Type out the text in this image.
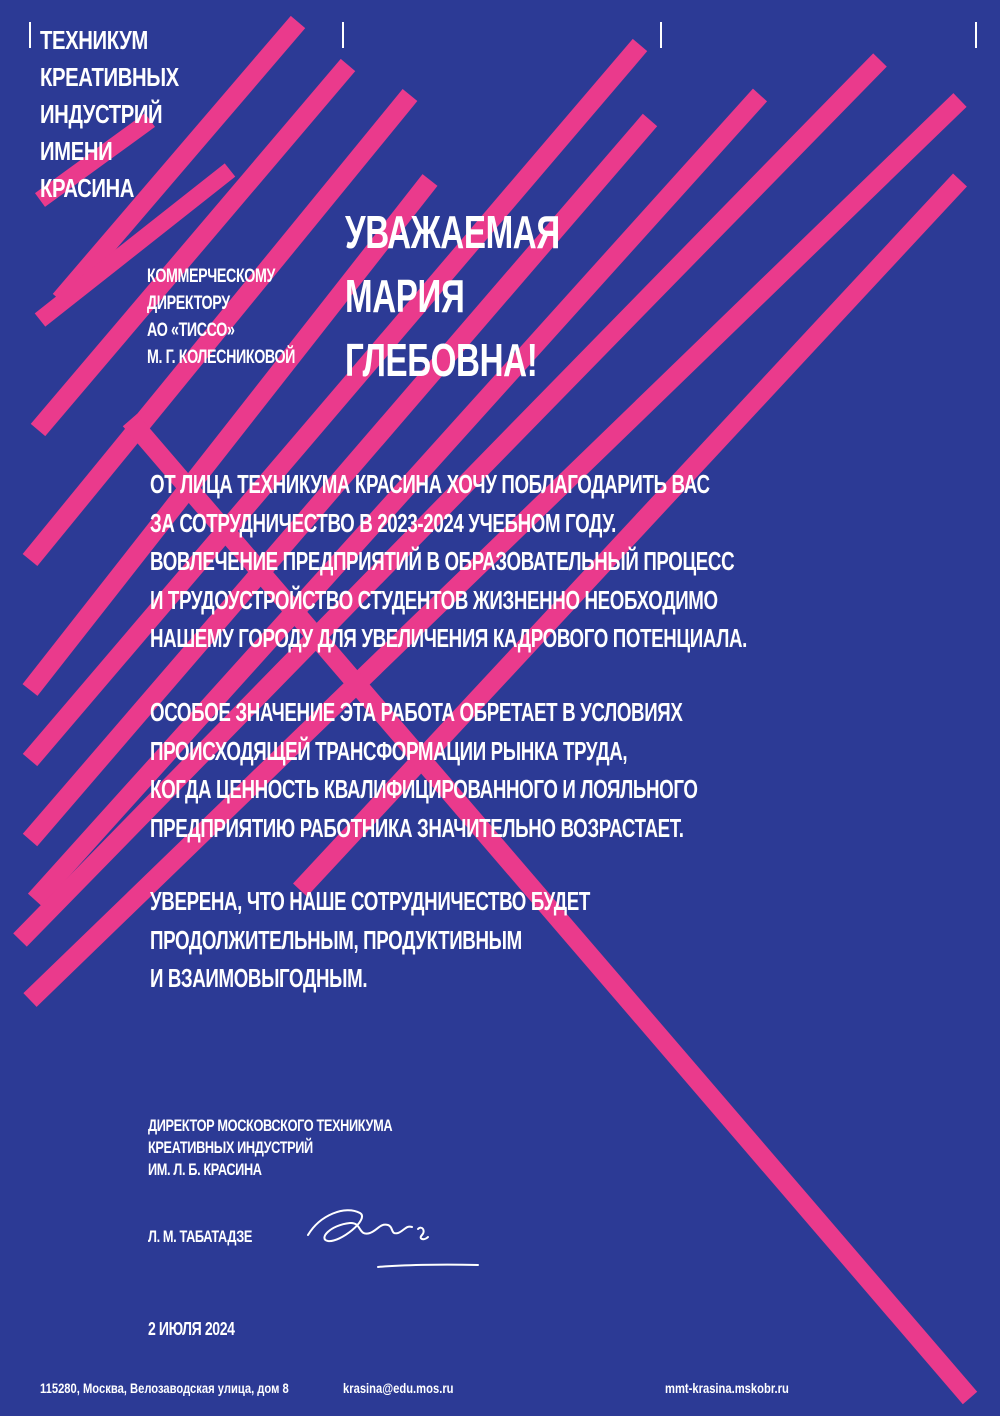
ТЕХНИКУМ
КРЕАТИВНЫХ
ИНДУСТРИЙ
ИМЕНИ
КРАСИНА

КОММЕРЧЕСКОМУ
ДИРЕКТОРУ
АО «ТИССО»
М. Г. КОЛЕСНИКОВОЙ

УВАЖАЕМАЯ
МАРИЯ
ГЛЕБОВНА!

ОТ ЛИЦА ТЕХНИКУМА КРАСИНА ХОЧУ ПОБЛАГОДАРИТЬ ВАС
ЗА СОТРУДНИЧЕСТВО В 2023-2024 УЧЕБНОМ ГОДУ.
ВОВЛЕЧЕНИЕ ПРЕДПРИЯТИЙ В ОБРАЗОВАТЕЛЬНЫЙ ПРОЦЕСС
И ТРУДОУСТРОЙСТВО СТУДЕНТОВ ЖИЗНЕННО НЕОБХОДИМО
НАШЕМУ ГОРОДУ ДЛЯ УВЕЛИЧЕНИЯ КАДРОВОГО ПОТЕНЦИАЛА.

ОСОБОЕ ЗНАЧЕНИЕ ЭТА РАБОТА ОБРЕТАЕТ В УСЛОВИЯХ
ПРОИСХОДЯЩЕЙ ТРАНСФОРМАЦИИ РЫНКА ТРУДА,
КОГДА ЦЕННОСТЬ КВАЛИФИЦИРОВАННОГО И ЛОЯЛЬНОГО
ПРЕДПРИЯТИЮ РАБОТНИКА ЗНАЧИТЕЛЬНО ВОЗРАСТАЕТ.

УВЕРЕНА, ЧТО НАШЕ СОТРУДНИЧЕСТВО БУДЕТ
ПРОДОЛЖИТЕЛЬНЫМ, ПРОДУКТИВНЫМ
И ВЗАИМОВЫГОДНЫМ.

ДИРЕКТОР МОСКОВСКОГО ТЕХНИКУМА
КРЕАТИВНЫХ ИНДУСТРИЙ
ИМ. Л. Б. КРАСИНА

Л. М. ТАБАТАДЗЕ

2 ИЮЛЯ 2024

115280, Москва, Велозаводская улица, дом 8	krasina@edu.mos.ru	mmt-krasina.mskobr.ru
